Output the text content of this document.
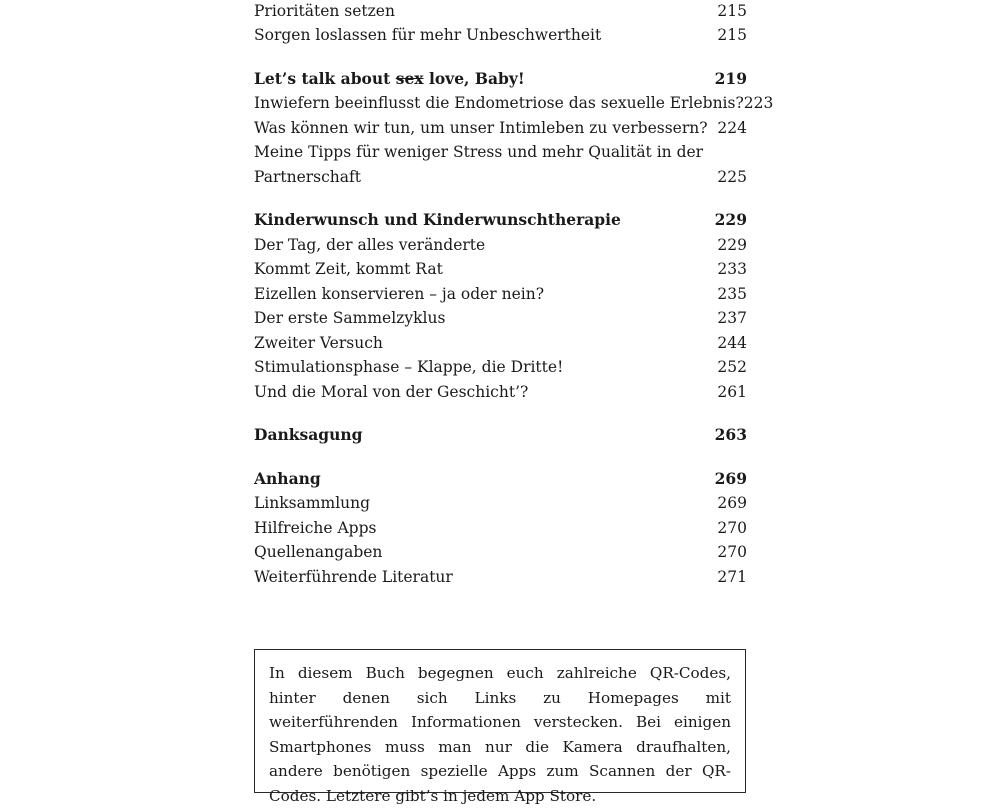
Prioritäten setzen	215
Sorgen loslassen für mehr Unbeschwertheit	215
Let’s talk about sex love, Baby!	219
Inwiefern beeinflusst die Endometriose das sexuelle Erlebnis? 223
Was können wir tun, um unser Intimleben zu verbessern? 224
Meine Tipps für weniger Stress und mehr Qualität in der
Partnerschaft	225
Kinderwunsch und Kinderwunschtherapie	229
Der Tag, der alles veränderte	229
Kommt Zeit, kommt Rat	233
Eizellen konservieren – ja oder nein?	235
Der erste Sammelzyklus	237
Zweiter Versuch	244
Stimulationsphase – Klappe, die Dritte!	252
Und die Moral von der Geschicht’?	261
Danksagung	263
Anhang	269
Linksammlung	269
Hilfreiche Apps	270
Quellenangaben	270
Weiterführende Literatur	271
In diesem Buch begegnen euch zahlreiche QR-Codes, hinter denen sich Links zu Homepages mit weiterführenden Informationen verstecken. Bei einigen Smartphones muss man nur die Kamera draufhalten, andere benötigen spezielle Apps zum Scannen der QR-Codes. Letztere gibt’s in jedem App Store.
